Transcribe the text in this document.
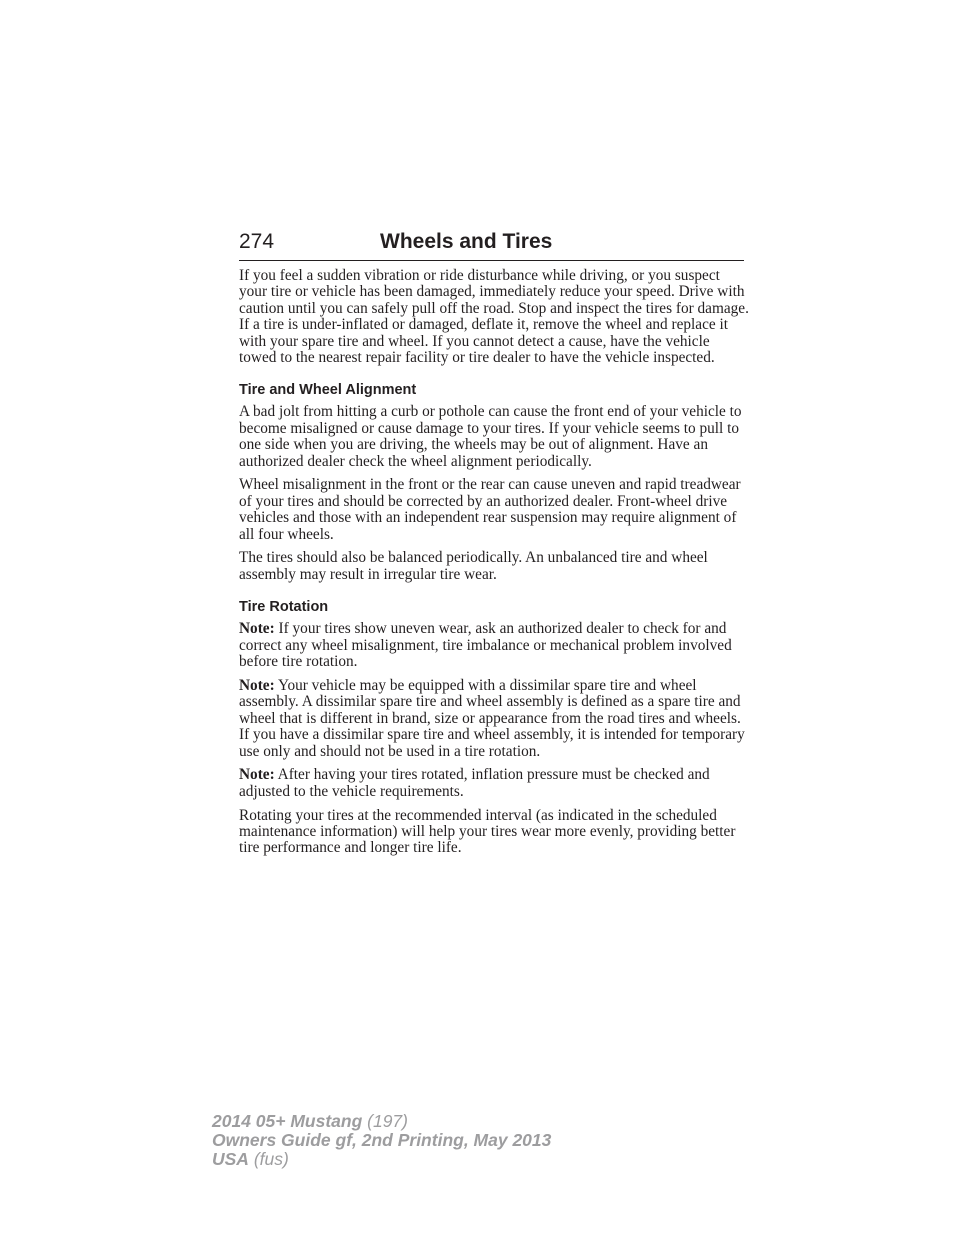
274	Wheels and Tires

If you feel a sudden vibration or ride disturbance while driving, or you suspect your tire or vehicle has been damaged, immediately reduce your speed. Drive with caution until you can safely pull off the road. Stop and inspect the tires for damage. If a tire is under-inflated or damaged, deflate it, remove the wheel and replace it with your spare tire and wheel. If you cannot detect a cause, have the vehicle towed to the nearest repair facility or tire dealer to have the vehicle inspected.

Tire and Wheel Alignment

A bad jolt from hitting a curb or pothole can cause the front end of your vehicle to become misaligned or cause damage to your tires. If your vehicle seems to pull to one side when you are driving, the wheels may be out of alignment. Have an authorized dealer check the wheel alignment periodically.

Wheel misalignment in the front or the rear can cause uneven and rapid treadwear of your tires and should be corrected by an authorized dealer. Front-wheel drive vehicles and those with an independent rear suspension may require alignment of all four wheels.

The tires should also be balanced periodically. An unbalanced tire and wheel assembly may result in irregular tire wear.

Tire Rotation

Note: If your tires show uneven wear, ask an authorized dealer to check for and correct any wheel misalignment, tire imbalance or mechanical problem involved before tire rotation.

Note: Your vehicle may be equipped with a dissimilar spare tire and wheel assembly. A dissimilar spare tire and wheel assembly is defined as a spare tire and wheel that is different in brand, size or appearance from the road tires and wheels. If you have a dissimilar spare tire and wheel assembly, it is intended for temporary use only and should not be used in a tire rotation.

Note: After having your tires rotated, inflation pressure must be checked and adjusted to the vehicle requirements.

Rotating your tires at the recommended interval (as indicated in the scheduled maintenance information) will help your tires wear more evenly, providing better tire performance and longer tire life.

2014 05+ Mustang (197)
Owners Guide gf, 2nd Printing, May 2013
USA (fus)
